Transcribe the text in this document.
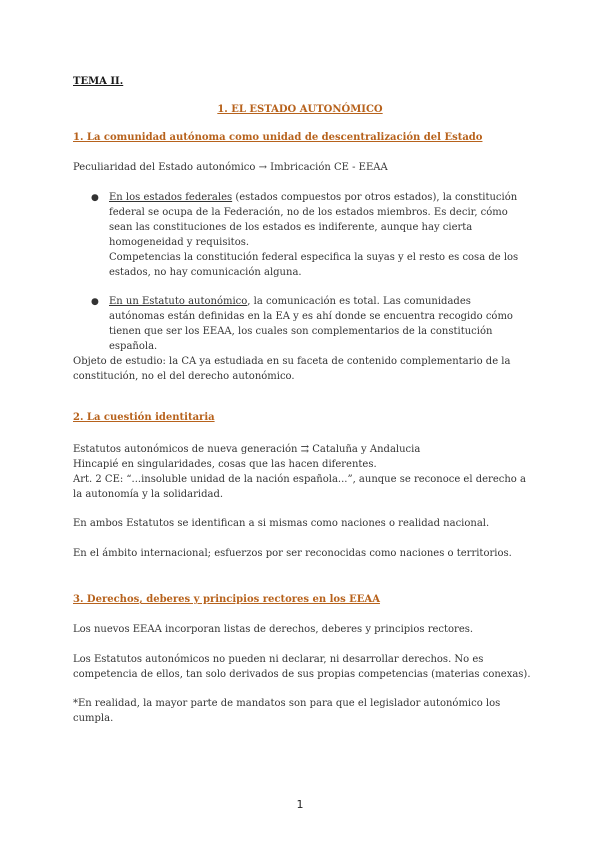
TEMA II.

1. EL ESTADO AUTONÓMICO

1. La comunidad autónoma como unidad de descentralización del Estado

Peculiaridad del Estado autonómico → Imbricación CE - EEAA

● En los estados federales (estados compuestos por otros estados), la constitución federal se ocupa de la Federación, no de los estados miembros. Es decir, cómo sean las constituciones de los estados es indiferente, aunque hay cierta homogeneidad y requisitos.

Competencias la constitución federal especifica la suyas y el resto es cosa de los estados, no hay comunicación alguna.

● En un Estatuto autonómico, la comunicación es total. Las comunidades autónomas están definidas en la EA y es ahí donde se encuentra recogido cómo tienen que ser los EEAA, los cuales son complementarios de la constitución española.

Objeto de estudio: la CA ya estudiada en su faceta de contenido complementario de la constitución, no el del derecho autonómico.

2. La cuestión identitaria

Estatutos autonómicos de nueva generación ⇉ Cataluña y Andalucia

Hincapié en singularidades, cosas que las hacen diferentes.

Art. 2 CE: “...insoluble unidad de la nación española...”, aunque se reconoce el derecho a la autonomía y la solidaridad.

En ambos Estatutos se identifican a si mismas como naciones o realidad nacional.

En el ámbito internacional; esfuerzos por ser reconocidas como naciones o territorios.

3. Derechos, deberes y principios rectores en los EEAA

Los nuevos EEAA incorporan listas de derechos, deberes y principios rectores.

Los Estatutos autonómicos no pueden ni declarar, ni desarrollar derechos. No es competencia de ellos, tan solo derivados de sus propias competencias (materias conexas).

*En realidad, la mayor parte de mandatos son para que el legislador autonómico los cumpla.

1
